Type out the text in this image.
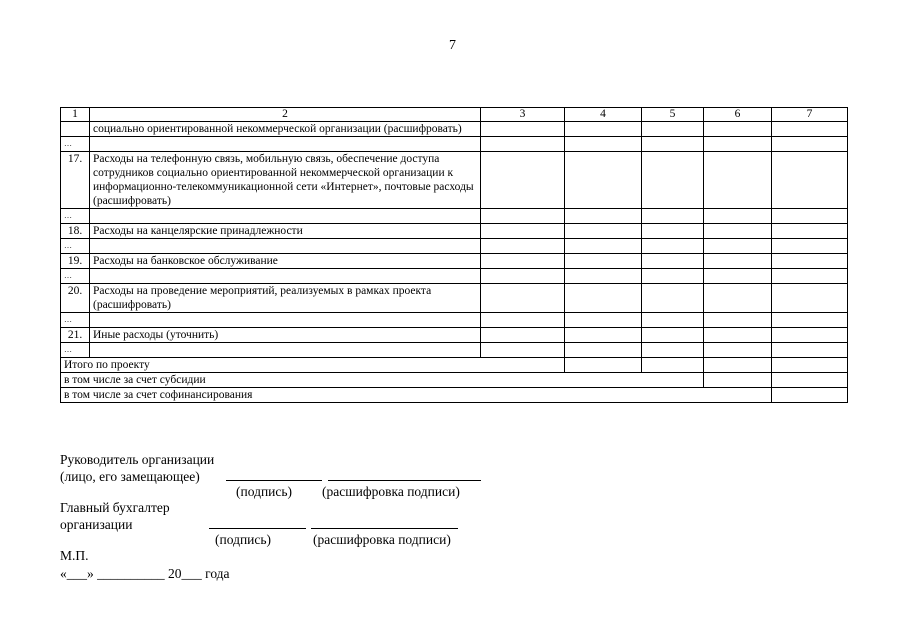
7
1	2	3	4	5	6	7
	социально ориентированной некоммерческой организации (расшифровать)					
…						
17.	Расходы на телефонную связь, мобильную связь, обеспечение доступа сотрудников социально ориентированной некоммерческой организации к информационно-телекоммуникационной сети «Интернет», почтовые расходы (расшифровать)					
…						
18.	Расходы на канцелярские принадлежности					
…						
19.	Расходы на банковское обслуживание					
…						
20.	Расходы на проведение мероприятий, реализуемых в рамках проекта (расшифровать)					
…						
21.	Иные расходы (уточнить)					
…						
Итого по проекту						
в том числе за счет субсидии						
в том числе за счет софинансирования						
Руководитель организации
(лицо, его замещающее)
(подпись) (расшифровка подписи)
Главный бухгалтер
организации
(подпись)	(расшифровка подписи)
М.П.
«___» __________ 20___ года
